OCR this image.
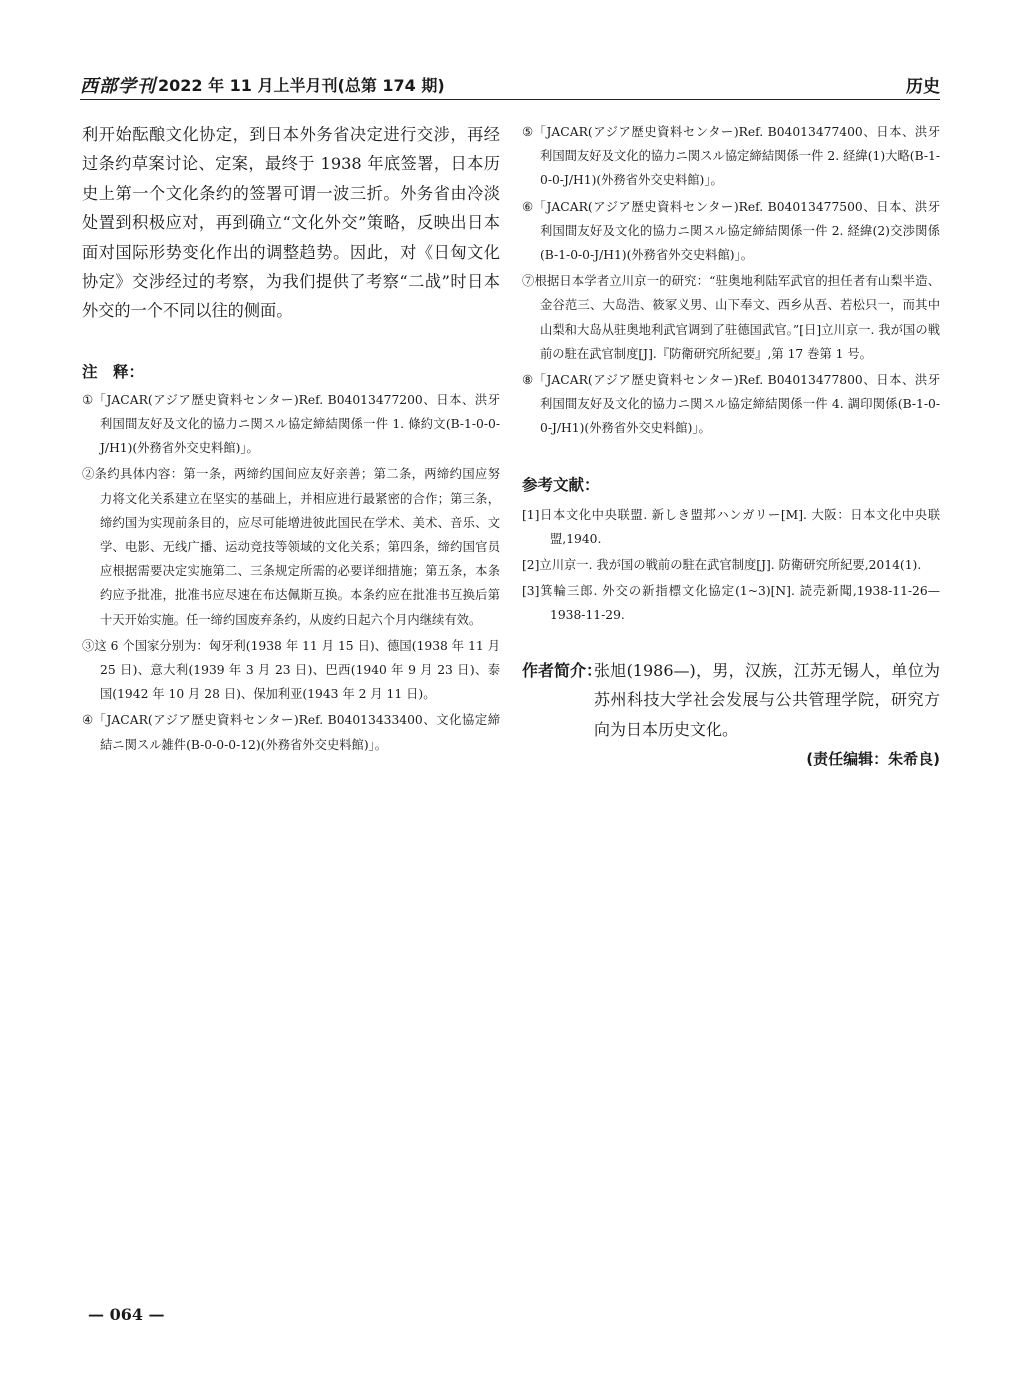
西部学刊 2022 年 11 月上半月刊(总第 174 期)	历史

利开始酝酿文化协定，到日本外务省决定进行交涉，再经过条约草案讨论、定案，最终于 1938 年底签署，日本历史上第一个文化条约的签署可谓一波三折。外务省由冷淡处置到积极应对，再到确立“文化外交”策略，反映出日本面对国际形势变化作出的调整趋势。因此，对《日匈文化协定》交涉经过的考察，为我们提供了考察“二战”时日本外交的一个不同以往的侧面。

注　释：

①「JACAR(アジア歴史資料センター)Ref. B04013477200、日本、洪牙利国間友好及文化的協力ニ関スル協定締結関係一件 1. 條約文(B-1-0-0-J/H1)(外務省外交史料館)」。

②条约具体内容：第一条，两缔约国间应友好亲善；第二条，两缔约国应努力将文化关系建立在坚实的基础上，并相应进行最紧密的合作；第三条，缔约国为实现前条目的，应尽可能增进彼此国民在学术、美术、音乐、文学、电影、无线广播、运动竞技等领域的文化关系；第四条，缔约国官员应根据需要决定实施第二、三条规定所需的必要详细措施；第五条，本条约应予批准，批准书应尽速在布达佩斯互换。本条约应在批准书互换后第十天开始实施。任一缔约国废弃条约，从废约日起六个月内继续有效。

③这 6 个国家分别为：匈牙利(1938 年 11 月 15 日)、德国(1938 年 11 月 25 日)、意大利(1939 年 3 月 23 日)、巴西(1940 年 9 月 23 日)、泰国(1942 年 10 月 28 日)、保加利亚(1943 年 2 月 11 日)。

④「JACAR(アジア歴史資料センター)Ref. B04013433400、文化協定締結ニ関スル雑件(B-0-0-0-12)(外務省外交史料館)」。

⑤「JACAR(アジア歴史資料センター)Ref. B04013477400、日本、洪牙利国間友好及文化的協力ニ関スル協定締結関係一件 2. 経緯(1)大略(B-1-0-0-J/H1)(外務省外交史料館)」。

⑥「JACAR(アジア歴史資料センター)Ref. B04013477500、日本、洪牙利国間友好及文化的協力ニ関スル協定締結関係一件 2. 経緯(2)交渉関係(B-1-0-0-J/H1)(外務省外交史料館)」。

⑦根据日本学者立川京一的研究：“驻奥地利陆军武官的担任者有山梨半造、金谷范三、大岛浩、筱冢义男、山下奉文、西乡从吾、若松只一，而其中山梨和大岛从驻奥地利武官调到了驻德国武官。”[日]立川京一. 我が国の戦前の駐在武官制度[J].『防衛研究所紀要』,第 17 巻第 1 号。

⑧「JACAR(アジア歴史資料センター)Ref. B04013477800、日本、洪牙利国間友好及文化的協力ニ関スル協定締結関係一件 4. 調印関係(B-1-0-0-J/H1)(外務省外交史料館)」。

参考文献：

[1]日本文化中央联盟. 新しき盟邦ハンガリー[M]. 大阪：日本文化中央联盟,1940.

[2]立川京一. 我が国の戦前の駐在武官制度[J]. 防衛研究所紀要,2014(1).

[3]箕輪三郎. 外交の新指標文化協定(1~3)[N]. 読売新聞,1938-11-26—1938-11-29.

作者简介：
张旭(1986—)，男，汉族，江苏无锡人，单位为苏州科技大学社会发展与公共管理学院，研究方向为日本历史文化。
(责任编辑：朱希良)
— 064 —
